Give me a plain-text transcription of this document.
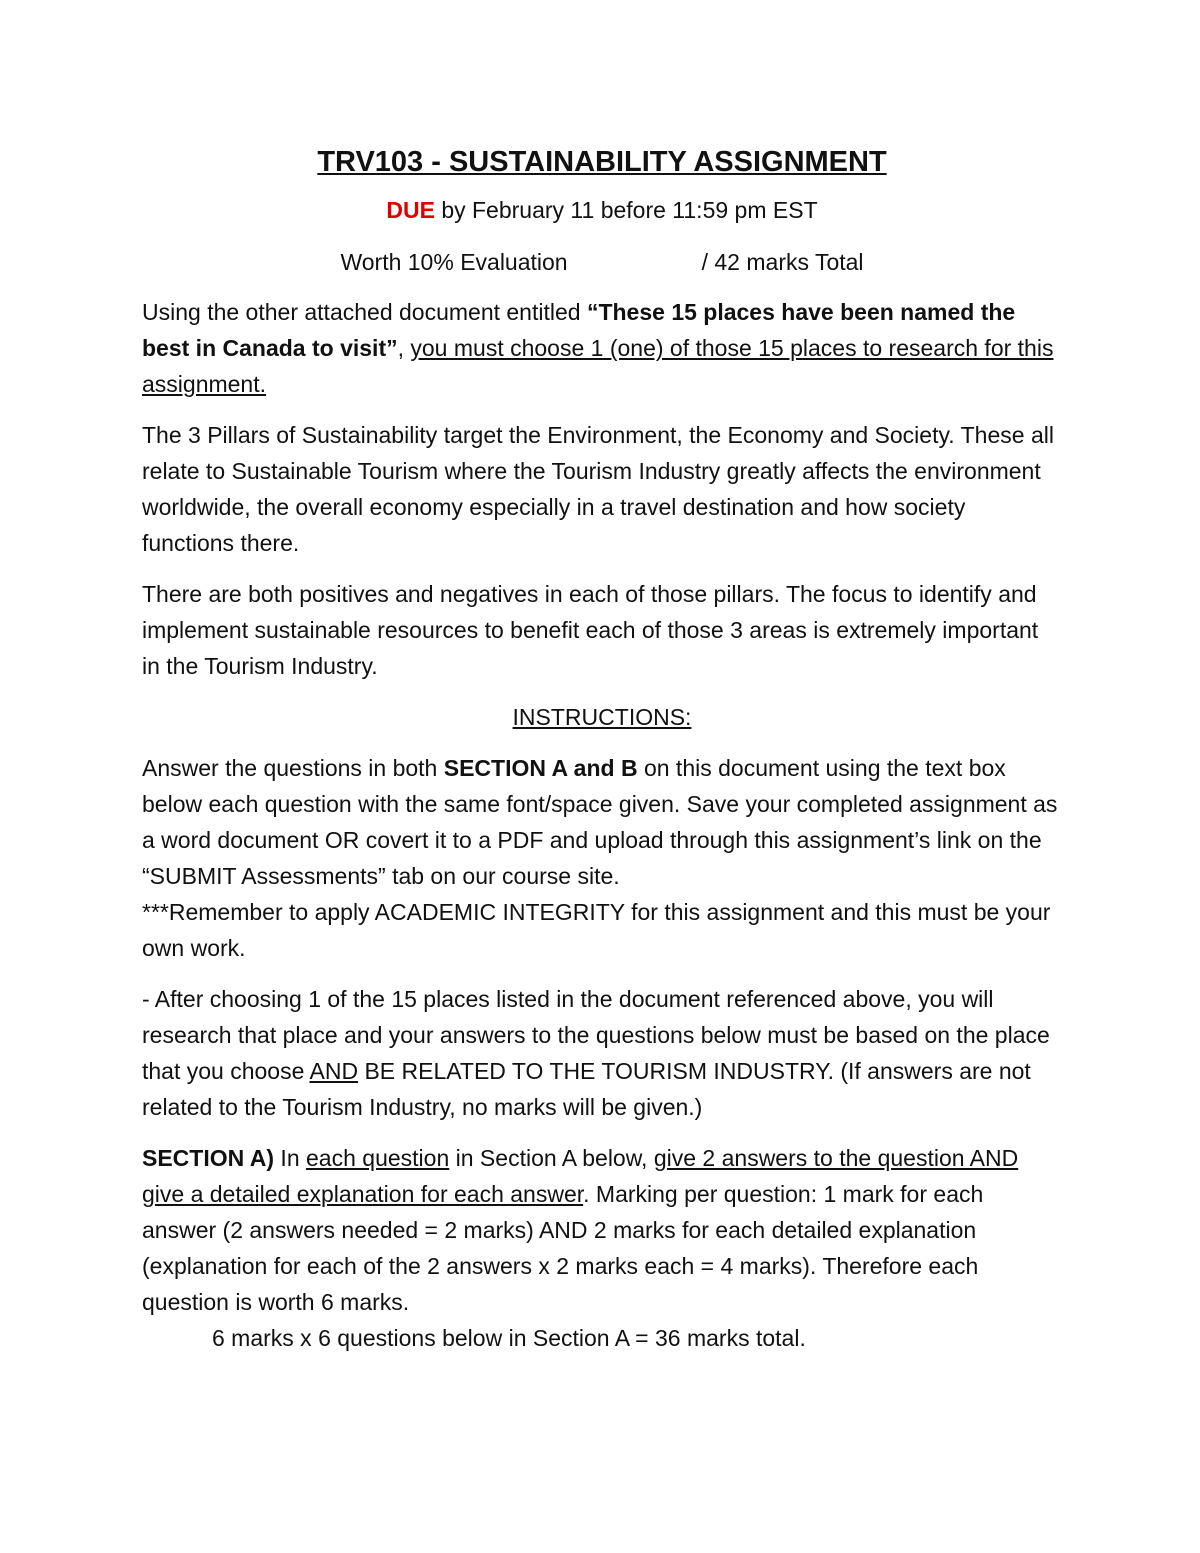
TRV103 - SUSTAINABILITY ASSIGNMENT
DUE by February 11 before 11:59 pm EST
Worth 10% Evaluation	/ 42 marks Total

Using the other attached document entitled “These 15 places have been named the best in Canada to visit”, you must choose 1 (one) of those 15 places to research for this assignment.

The 3 Pillars of Sustainability target the Environment, the Economy and Society. These all relate to Sustainable Tourism where the Tourism Industry greatly affects the environment worldwide, the overall economy especially in a travel destination and how society functions there.

There are both positives and negatives in each of those pillars. The focus to identify and implement sustainable resources to benefit each of those 3 areas is extremely important in the Tourism Industry.

INSTRUCTIONS:

Answer the questions in both SECTION A and B on this document using the text box below each question with the same font/space given. Save your completed assignment as a word document OR covert it to a PDF and upload through this assignment’s link on the “SUBMIT Assessments” tab on our course site.
***Remember to apply ACADEMIC INTEGRITY for this assignment and this must be your own work.

- After choosing 1 of the 15 places listed in the document referenced above, you will research that place and your answers to the questions below must be based on the place that you choose AND BE RELATED TO THE TOURISM INDUSTRY. (If answers are not related to the Tourism Industry, no marks will be given.)

SECTION A) In each question in Section A below, give 2 answers to the question AND give a detailed explanation for each answer. Marking per question: 1 mark for each answer (2 answers needed = 2 marks) AND 2 marks for each detailed explanation (explanation for each of the 2 answers x 2 marks each = 4 marks). Therefore each question is worth 6 marks.
6 marks x 6 questions below in Section A = 36 marks total.
